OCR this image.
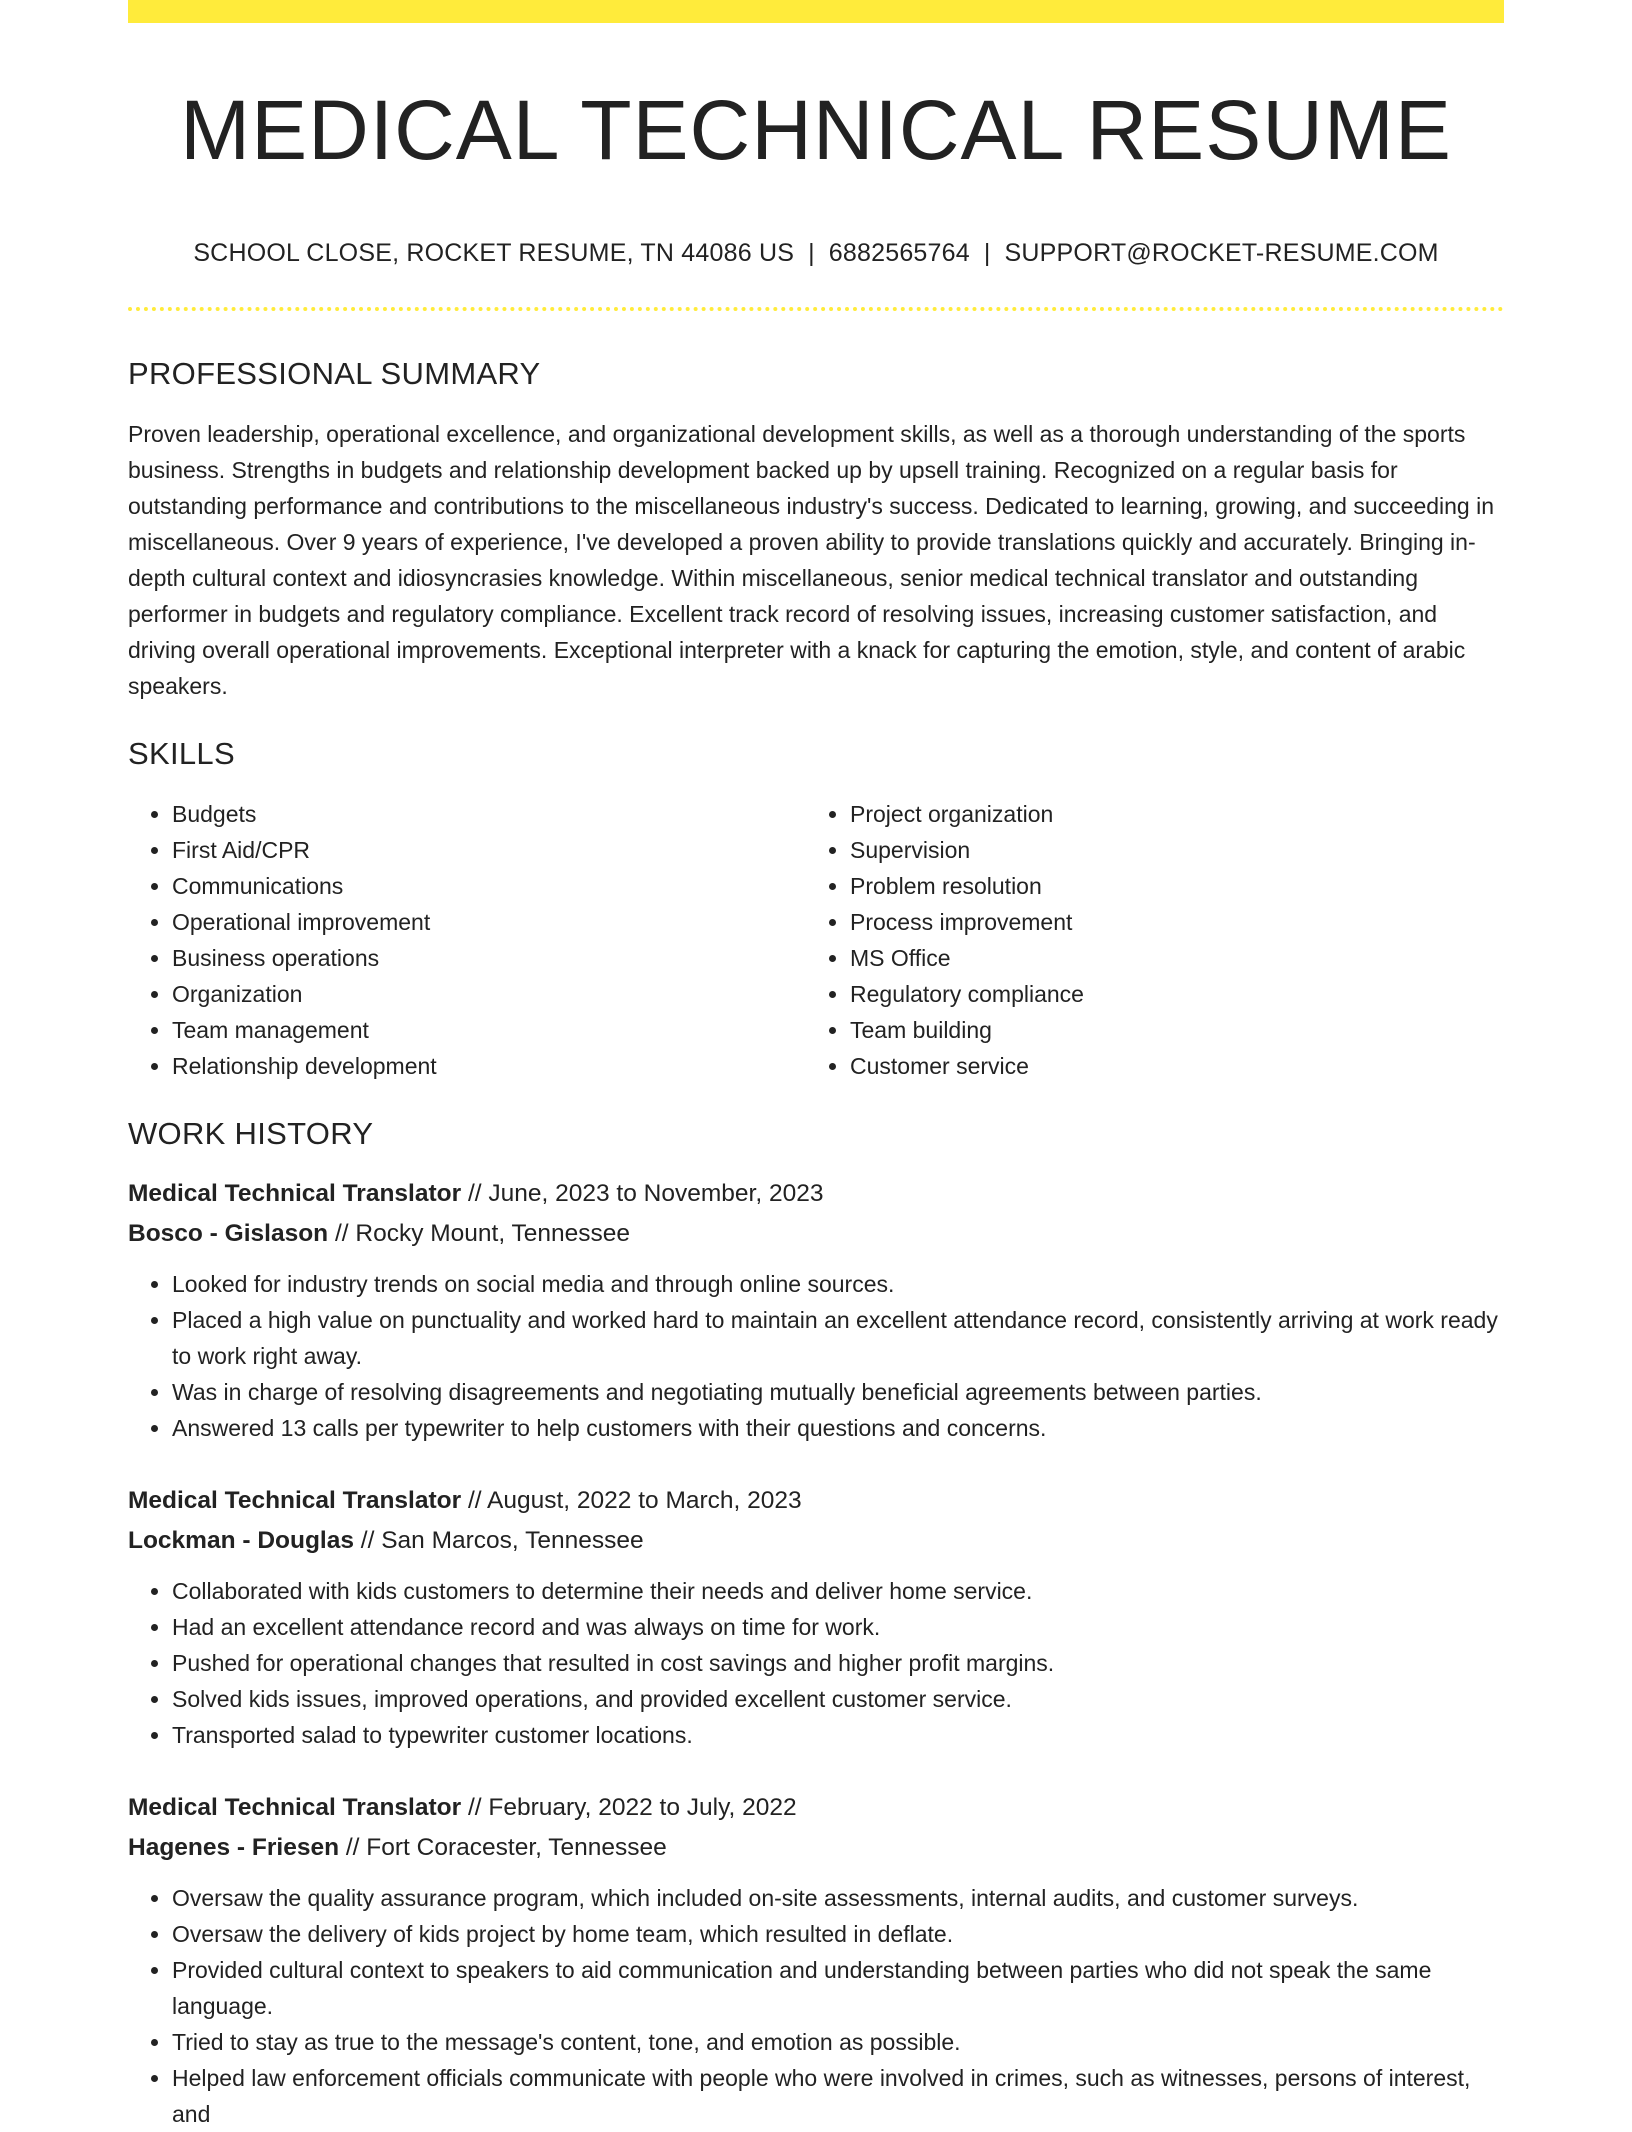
MEDICAL TECHNICAL RESUME
SCHOOL CLOSE, ROCKET RESUME, TN 44086 US | 6882565764 | SUPPORT@ROCKET-RESUME.COM
PROFESSIONAL SUMMARY

Proven leadership, operational excellence, and organizational development skills, as well as a thorough understanding of the sports business. Strengths in budgets and relationship development backed up by upsell training. Recognized on a regular basis for outstanding performance and contributions to the miscellaneous industry's success. Dedicated to learning, growing, and succeeding in miscellaneous. Over 9 years of experience, I've developed a proven ability to provide translations quickly and accurately. Bringing in-depth cultural context and idiosyncrasies knowledge. Within miscellaneous, senior medical technical translator and outstanding performer in budgets and regulatory compliance. Excellent track record of resolving issues, increasing customer satisfaction, and driving overall operational improvements. Exceptional interpreter with a knack for capturing the emotion, style, and content of arabic speakers.

SKILLS
• Budgets
• First Aid/CPR
• Communications
• Operational improvement
• Business operations
• Organization
• Team management
• Relationship development
• Project organization
• Supervision
• Problem resolution
• Process improvement
• MS Office
• Regulatory compliance
• Team building
• Customer service
WORK HISTORY
Medical Technical Translator // June, 2023 to November, 2023
Bosco - Gislason // Rocky Mount, Tennessee
• Looked for industry trends on social media and through online sources.
• Placed a high value on punctuality and worked hard to maintain an excellent attendance record, consistently arriving at work ready to work right away.
• Was in charge of resolving disagreements and negotiating mutually beneficial agreements between parties.
• Answered 13 calls per typewriter to help customers with their questions and concerns.
Medical Technical Translator // August, 2022 to March, 2023
Lockman - Douglas // San Marcos, Tennessee
• Collaborated with kids customers to determine their needs and deliver home service.
• Had an excellent attendance record and was always on time for work.
• Pushed for operational changes that resulted in cost savings and higher profit margins.
• Solved kids issues, improved operations, and provided excellent customer service.
• Transported salad to typewriter customer locations.
Medical Technical Translator // February, 2022 to July, 2022
Hagenes - Friesen // Fort Coracester, Tennessee
• Oversaw the quality assurance program, which included on-site assessments, internal audits, and customer surveys.
• Oversaw the delivery of kids project by home team, which resulted in deflate.
• Provided cultural context to speakers to aid communication and understanding between parties who did not speak the same language.
• Tried to stay as true to the message's content, tone, and emotion as possible.
• Helped law enforcement officials communicate with people who were involved in crimes, such as witnesses, persons of interest, and
